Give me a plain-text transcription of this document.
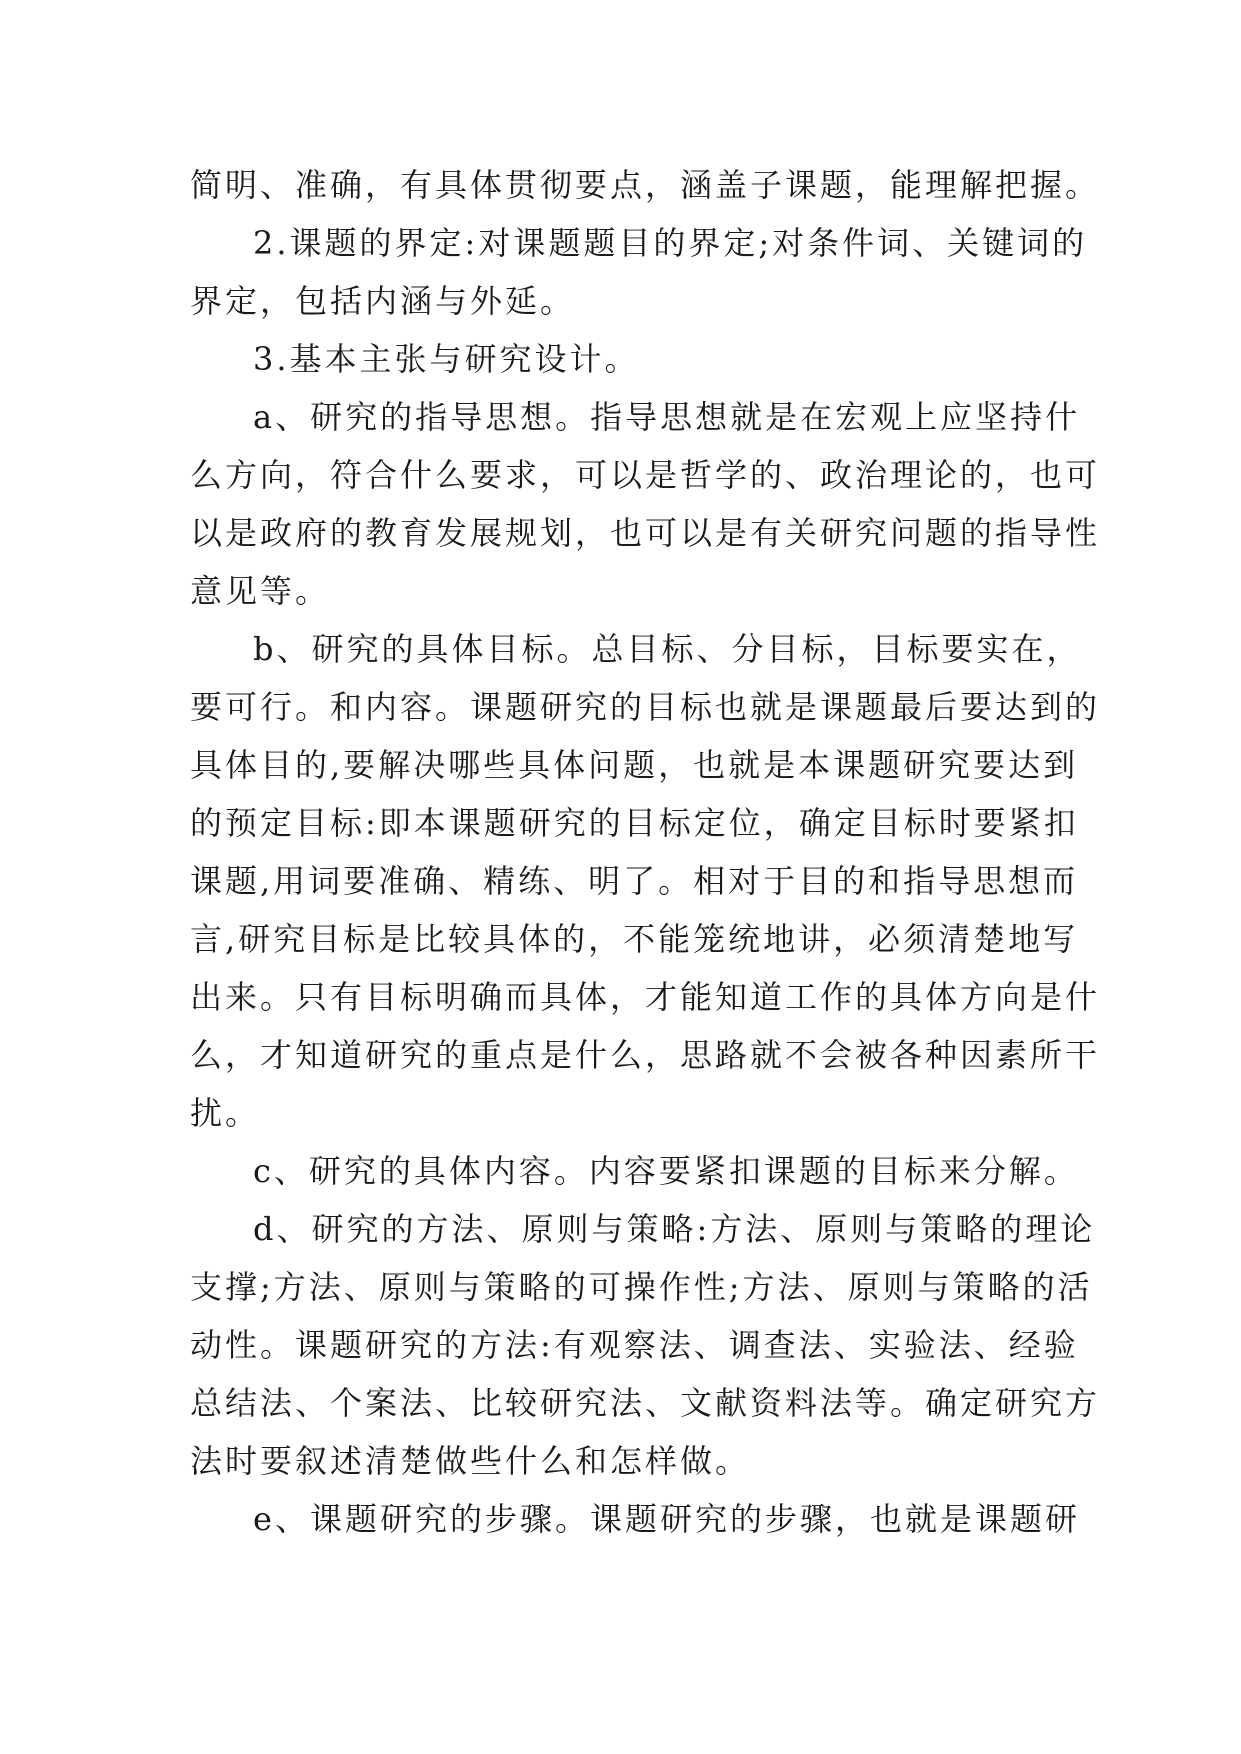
简明、准确，有具体贯彻要点，涵盖子课题，能理解把握。

2.课题的界定:对课题题目的界定;对条件词、关键词的

界定，包括内涵与外延。

3.基本主张与研究设计。

a、研究的指导思想。指导思想就是在宏观上应坚持什

么方向，符合什么要求，可以是哲学的、政治理论的，也可

以是政府的教育发展规划，也可以是有关研究问题的指导性

意见等。

b、研究的具体目标。总目标、分目标，目标要实在，

要可行。和内容。课题研究的目标也就是课题最后要达到的

具体目的,要解决哪些具体问题，也就是本课题研究要达到

的预定目标:即本课题研究的目标定位，确定目标时要紧扣

课题,用词要准确、精练、明了。相对于目的和指导思想而

言,研究目标是比较具体的，不能笼统地讲，必须清楚地写

出来。只有目标明确而具体，才能知道工作的具体方向是什

么，才知道研究的重点是什么，思路就不会被各种因素所干

扰。

c、研究的具体内容。内容要紧扣课题的目标来分解。

d、研究的方法、原则与策略:方法、原则与策略的理论

支撑;方法、原则与策略的可操作性;方法、原则与策略的活

动性。课题研究的方法:有观察法、调查法、实验法、经验

总结法、个案法、比较研究法、文献资料法等。确定研究方

法时要叙述清楚做些什么和怎样做。

e、课题研究的步骤。课题研究的步骤，也就是课题研
